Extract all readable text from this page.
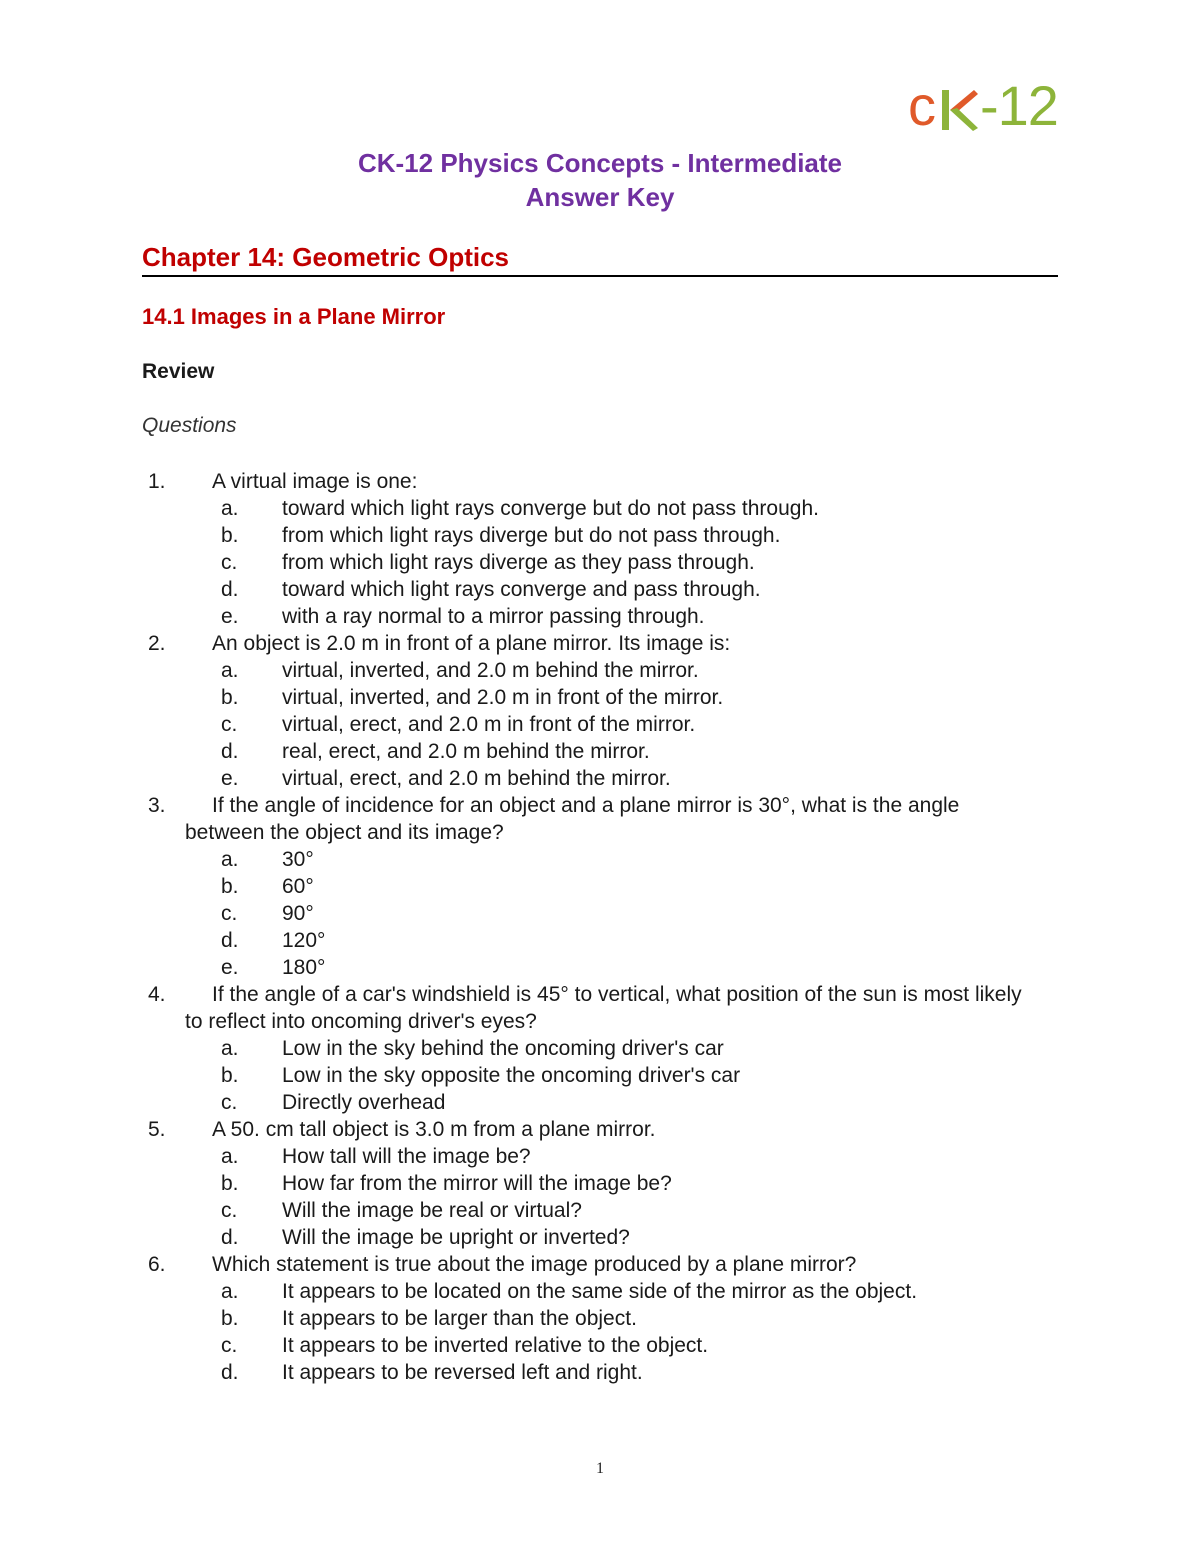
c -12
CK-12 Physics Concepts - Intermediate
Answer Key
Chapter 14: Geometric Optics
14.1 Images in a Plane Mirror
Review
Questions
1. A virtual image is one:
a. toward which light rays converge but do not pass through.
b. from which light rays diverge but do not pass through.
c. from which light rays diverge as they pass through.
d. toward which light rays converge and pass through.
e. with a ray normal to a mirror passing through.
2. An object is 2.0 m in front of a plane mirror. Its image is:
a. virtual, inverted, and 2.0 m behind the mirror.
b. virtual, inverted, and 2.0 m in front of the mirror.
c. virtual, erect, and 2.0 m in front of the mirror.
d. real, erect, and 2.0 m behind the mirror.
e. virtual, erect, and 2.0 m behind the mirror.
3.	If the angle of incidence for an object and a plane mirror is 30°, what is the angle between the object and its image?
a. 30°
b. 60°
c. 90°
d. 120°
e. 180°
4.	If the angle of a car's windshield is 45° to vertical, what position of the sun is most likely to reflect into oncoming driver's eyes?
a. Low in the sky behind the oncoming driver's car
b. Low in the sky opposite the oncoming driver's car
c. Directly overhead
5. A 50. cm tall object is 3.0 m from a plane mirror.
a. How tall will the image be?
b. How far from the mirror will the image be?
c. Will the image be real or virtual?
d. Will the image be upright or inverted?
6. Which statement is true about the image produced by a plane mirror?
a. It appears to be located on the same side of the mirror as the object.
b. It appears to be larger than the object.
c. It appears to be inverted relative to the object.
d. It appears to be reversed left and right.
1
